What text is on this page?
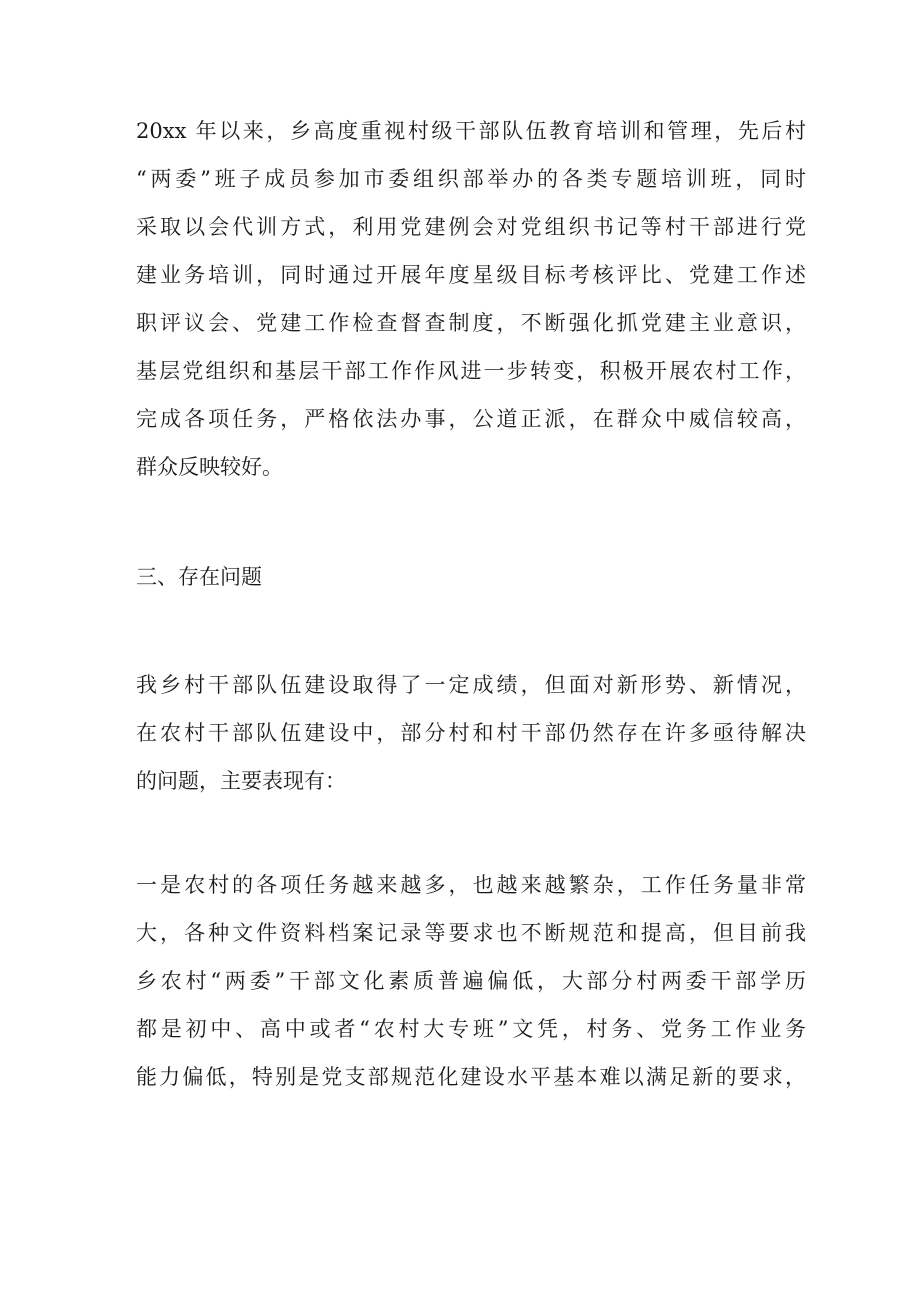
20xx 年以来，乡高度重视村级干部队伍教育培训和管理，先后村
“两委”班子成员参加市委组织部举办的各类专题培训班，同时
采取以会代训方式，利用党建例会对党组织书记等村干部进行党
建业务培训，同时通过开展年度星级目标考核评比、党建工作述
职评议会、党建工作检查督查制度，不断强化抓党建主业意识，
基层党组织和基层干部工作作风进一步转变，积极开展农村工作，
完成各项任务，严格依法办事，公道正派，在群众中威信较高，
群众反映较好。
三、存在问题
我乡村干部队伍建设取得了一定成绩，但面对新形势、新情况，
在农村干部队伍建设中，部分村和村干部仍然存在许多亟待解决
的问题，主要表现有：
一是农村的各项任务越来越多，也越来越繁杂，工作任务量非常
大，各种文件资料档案记录等要求也不断规范和提高，但目前我
乡农村“两委”干部文化素质普遍偏低，大部分村两委干部学历
都是初中、高中或者“农村大专班”文凭，村务、党务工作业务
能力偏低，特别是党支部规范化建设水平基本难以满足新的要求，
